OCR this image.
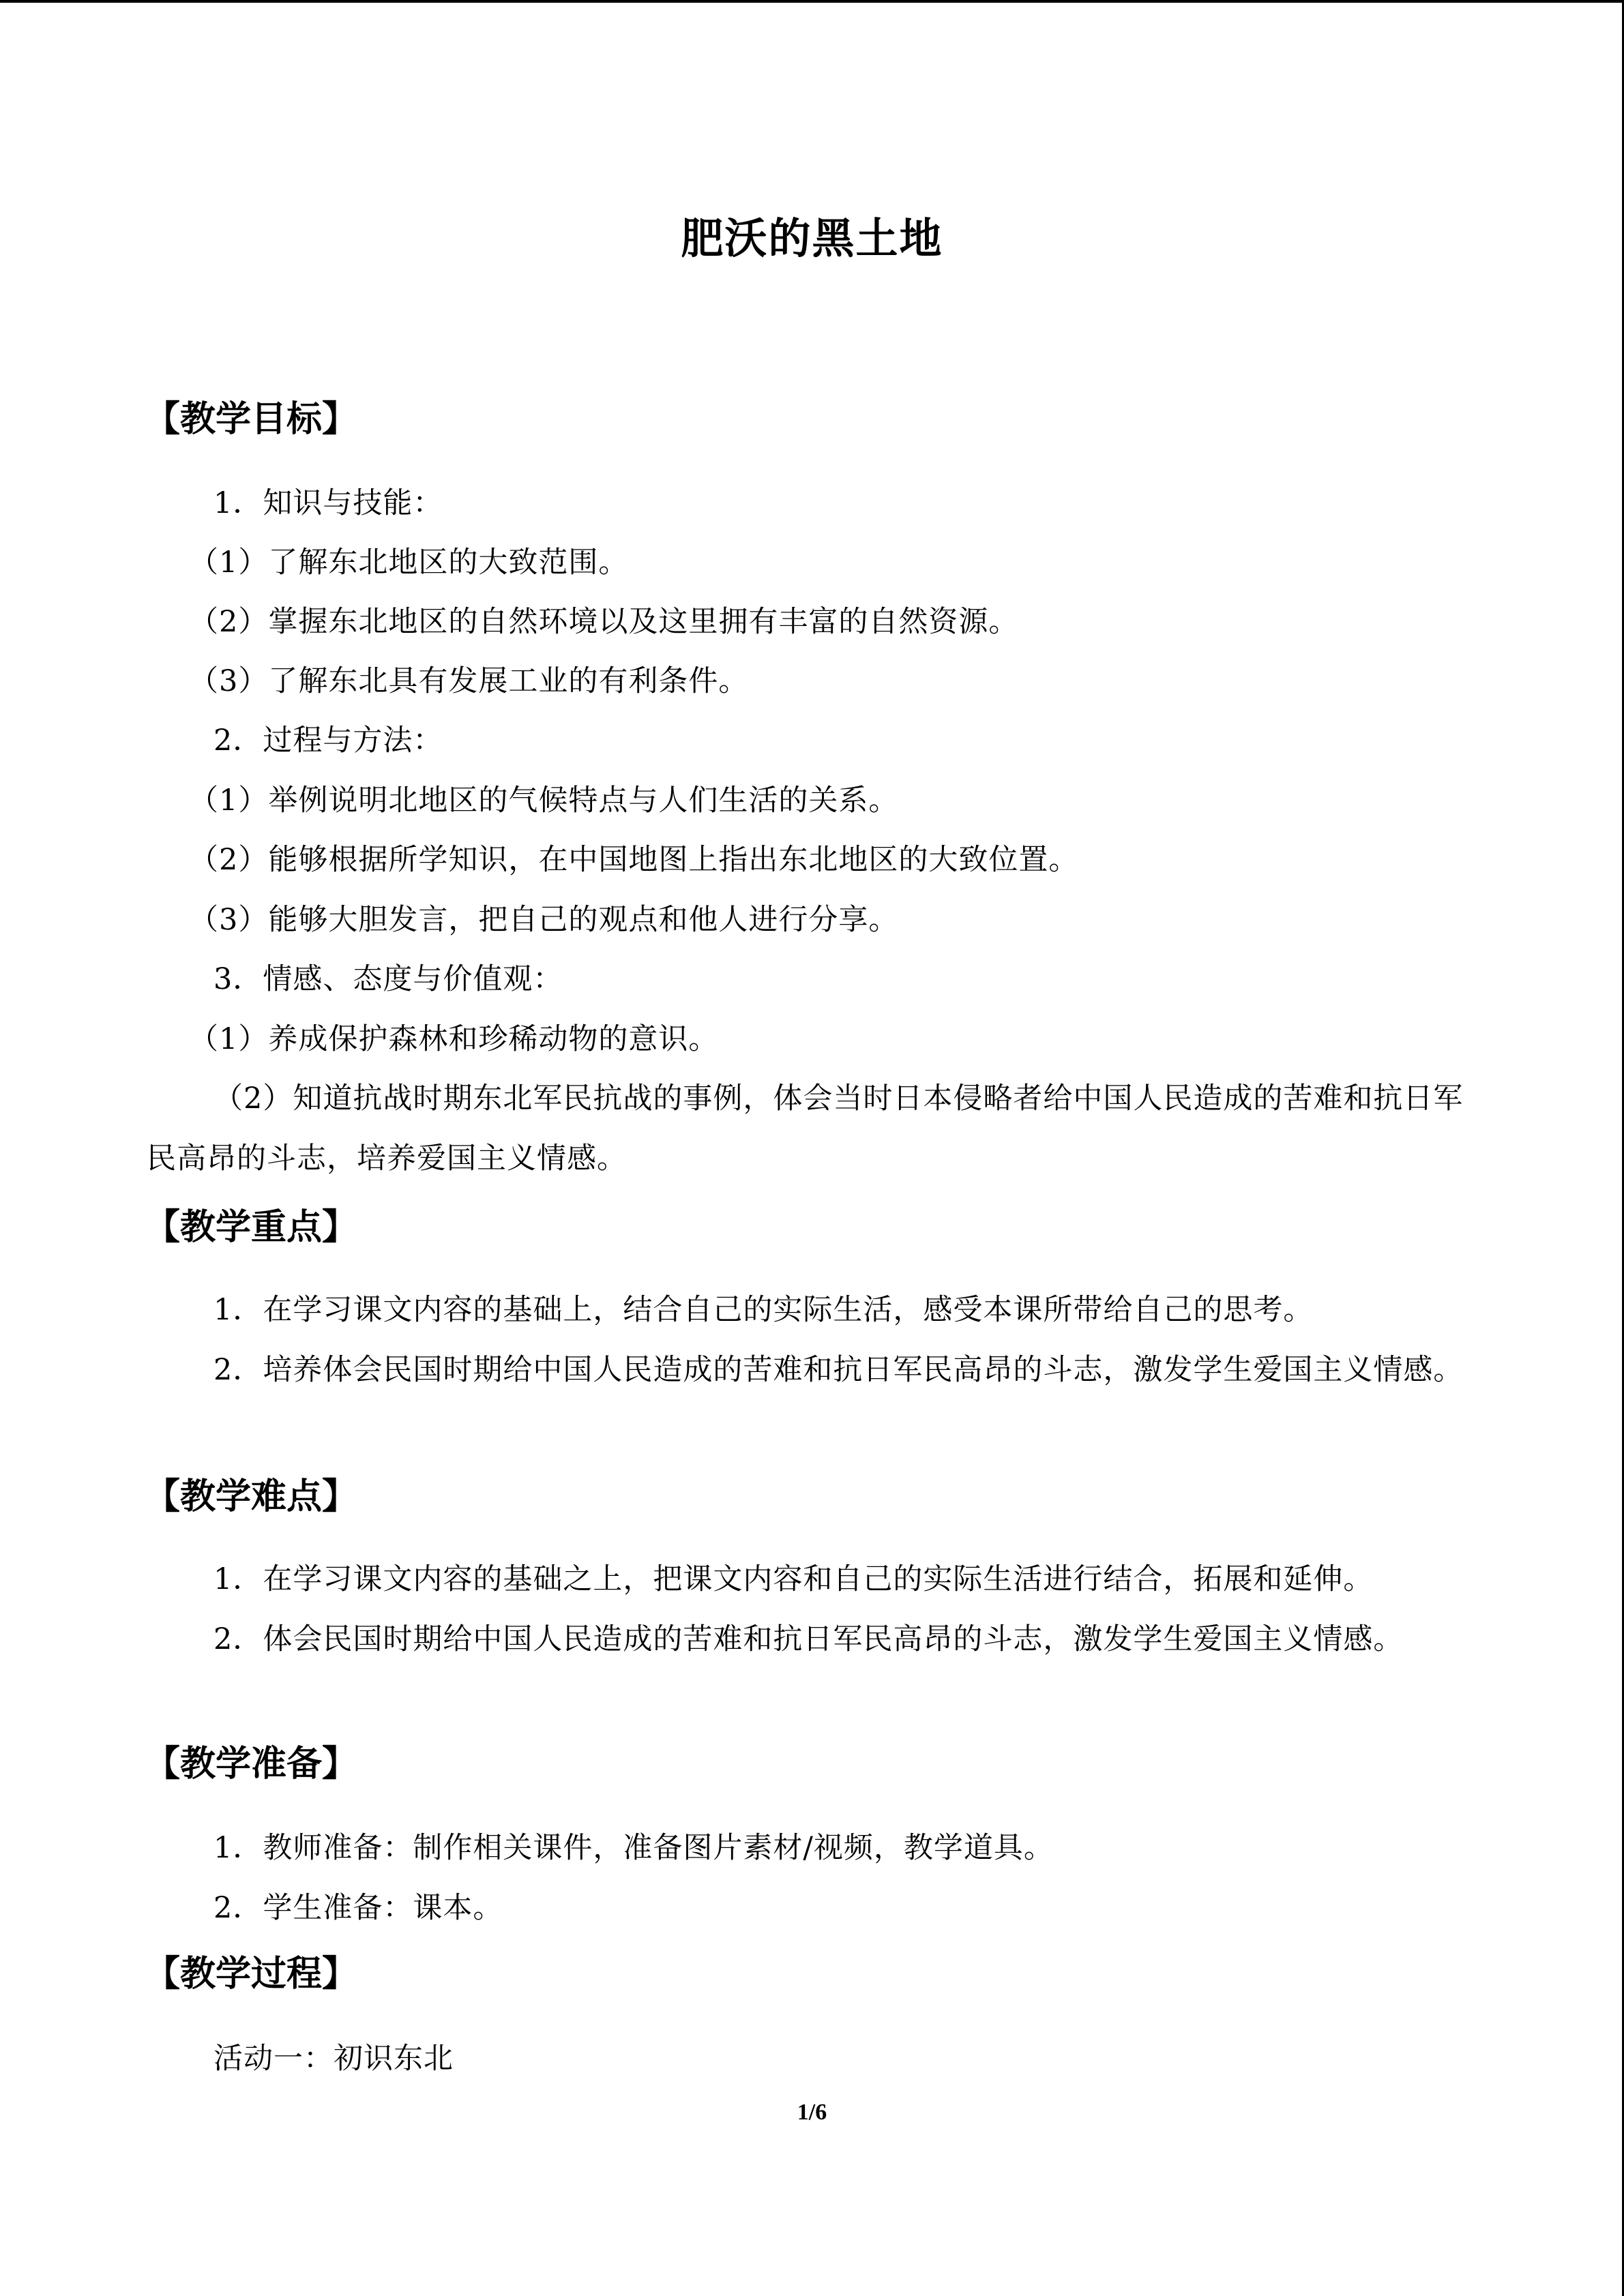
肥沃的黑土地
【教学目标】
1．知识与技能：
（1）了解东北地区的大致范围。
（2）掌握东北地区的自然环境以及这里拥有丰富的自然资源。
（3）了解东北具有发展工业的有利条件。
2．过程与方法：
（1）举例说明北地区的气候特点与人们生活的关系。
（2）能够根据所学知识，在中国地图上指出东北地区的大致位置。
（3）能够大胆发言，把自己的观点和他人进行分享。
3．情感、态度与价值观：
（1）养成保护森林和珍稀动物的意识。
（2）知道抗战时期东北军民抗战的事例，体会当时日本侵略者给中国人民造成的苦难和抗日军民高昂的斗志，培养爱国主义情感。
【教学重点】
1．在学习课文内容的基础上，结合自己的实际生活，感受本课所带给自己的思考。
2．培养体会民国时期给中国人民造成的苦难和抗日军民高昂的斗志，激发学生爱国主义情感。
【教学难点】
1．在学习课文内容的基础之上，把课文内容和自己的实际生活进行结合，拓展和延伸。
2．体会民国时期给中国人民造成的苦难和抗日军民高昂的斗志，激发学生爱国主义情感。
【教学准备】
1．教师准备：制作相关课件，准备图片素材/视频，教学道具。
2．学生准备：课本。
【教学过程】
活动一：初识东北
1/6
